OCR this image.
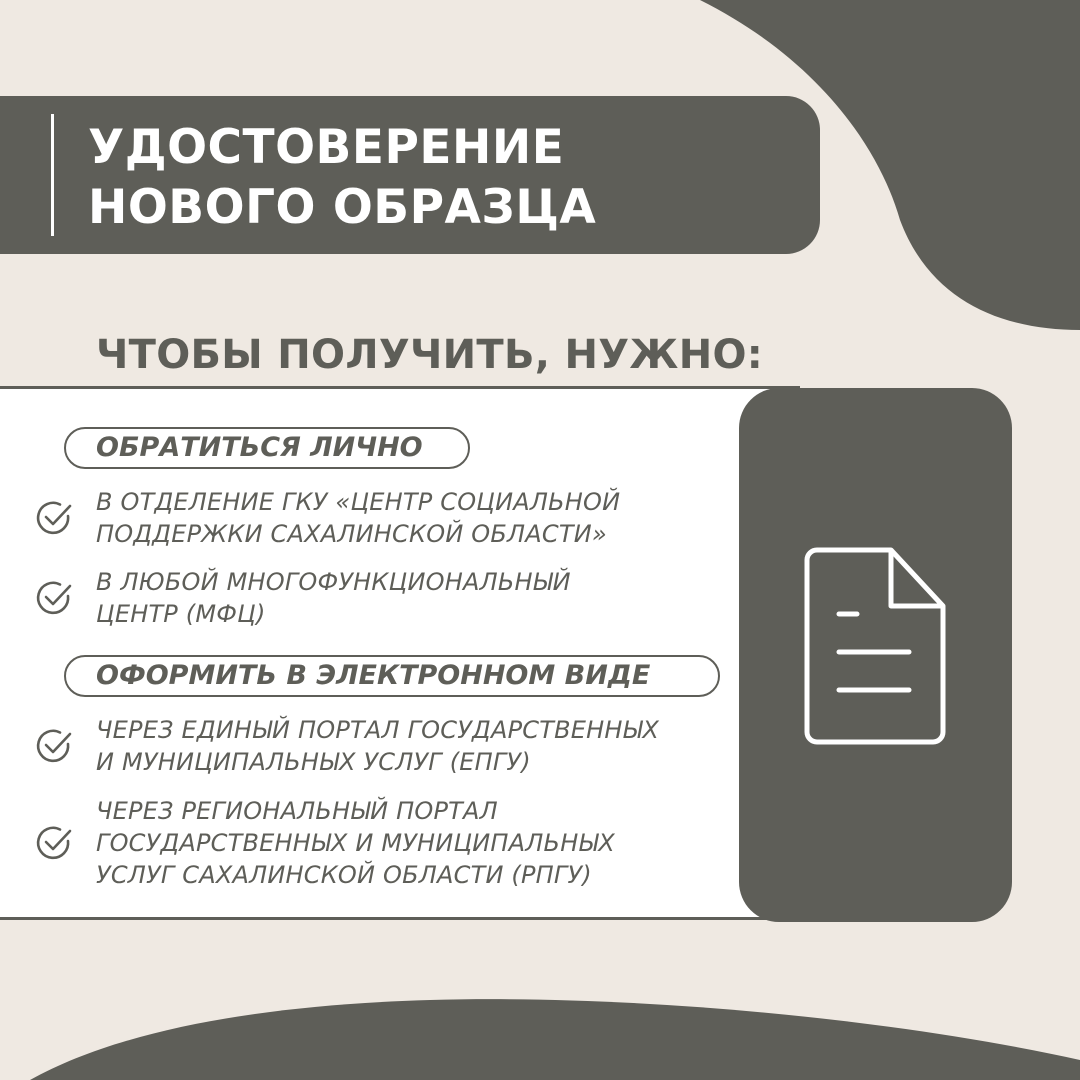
УДОСТОВЕРЕНИЕ
НОВОГО ОБРАЗЦА
ЧТОБЫ ПОЛУЧИТЬ, НУЖНО:
ОБРАТИТЬСЯ ЛИЧНО
В ОТДЕЛЕНИЕ ГКУ «ЦЕНТР СОЦИАЛЬНОЙ
ПОДДЕРЖКИ САХАЛИНСКОЙ ОБЛАСТИ»
В ЛЮБОЙ МНОГОФУНКЦИОНАЛЬНЫЙ
ЦЕНТР (МФЦ)
ОФОРМИТЬ В ЭЛЕКТРОННОМ ВИДЕ
ЧЕРЕЗ ЕДИНЫЙ ПОРТАЛ ГОСУДАРСТВЕННЫХ
И МУНИЦИПАЛЬНЫХ УСЛУГ (ЕПГУ)
ЧЕРЕЗ РЕГИОНАЛЬНЫЙ ПОРТАЛ
ГОСУДАРСТВЕННЫХ И МУНИЦИПАЛЬНЫХ
УСЛУГ САХАЛИНСКОЙ ОБЛАСТИ (РПГУ)
